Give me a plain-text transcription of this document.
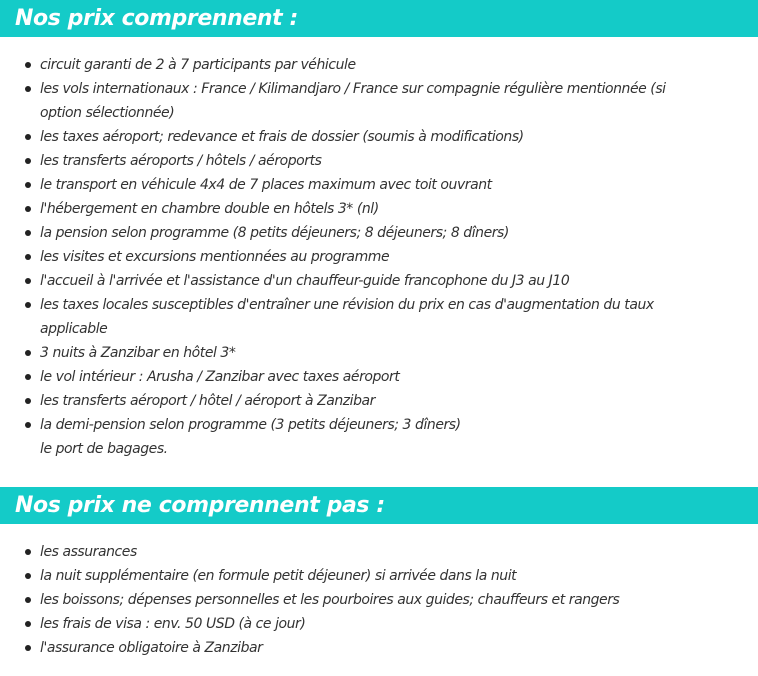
Nos prix comprennent :
circuit garanti de 2 à 7 participants par véhicule
les vols internationaux : France / Kilimandjaro / France sur compagnie régulière mentionnée (si option sélectionnée)
les taxes aéroport; redevance et frais de dossier (soumis à modifications)
les transferts aéroports / hôtels / aéroports
le transport en véhicule 4x4 de 7 places maximum avec toit ouvrant
l'hébergement en chambre double en hôtels 3* (nl)
la pension selon programme (8 petits déjeuners; 8 déjeuners; 8 dîners)
les visites et excursions mentionnées au programme
l'accueil à l'arrivée et l'assistance d'un chauffeur-guide francophone du J3 au J10
les taxes locales susceptibles d'entraîner une révision du prix en cas d'augmentation du taux applicable
3 nuits à Zanzibar en hôtel 3*
le vol intérieur : Arusha / Zanzibar avec taxes aéroport
les transferts aéroport / hôtel / aéroport à Zanzibar
la demi-pension selon programme (3 petits déjeuners; 3 dîners)
le port de bagages.
Nos prix ne comprennent pas :
les assurances
la nuit supplémentaire (en formule petit déjeuner) si arrivée dans la nuit
les boissons; dépenses personnelles et les pourboires aux guides; chauffeurs et rangers
les frais de visa : env. 50 USD (à ce jour)
l'assurance obligatoire à Zanzibar
